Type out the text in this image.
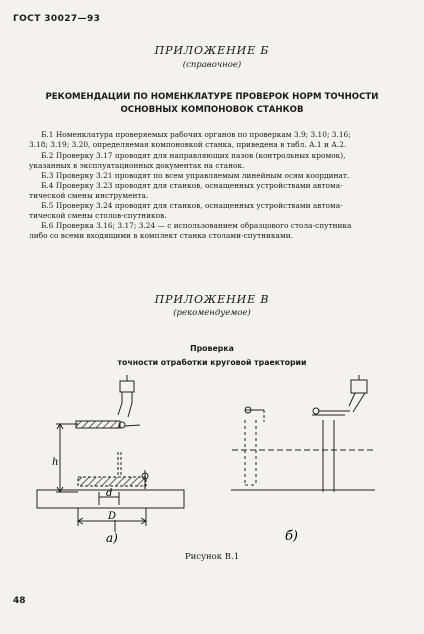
ГОСТ 30027—93
ПРИЛОЖЕНИЕ Б
(справочное)
РЕКОМЕНДАЦИИ ПО НОМЕНКЛАТУРЕ ПРОВЕРОК НОРМ ТОЧНОСТИ
ОСНОВНЫХ КОМПОНОВОК СТАНКОВ
Б.1 Номенклатура проверяемых рабочих органов по проверкам 3.9; 3.10; 3.16;
3.18; 3.19; 3.20, определяемая компоновкой станка, приведена в табл. А.1 и А.2.
Б.2 Проверку 3.17 проводят для направляющих пазов (контрольных кромок),
указанных в эксплуатационных документах на станок.
Б.3 Проверку 3.21 проводят по всем управляемым линейным осям координат.
Б.4 Проверку 3.23 проводят для станков, оснащенных устройствами автома-
тической смены инструмента.
Б.5 Проверку 3.24 проводят для станков, оснащенных устройствами автома-
тической смены столов-спутников.
Б.6 Проверка 3.16; 3.17; 3.24 — с использованием образцового стола-спутника
либо со всеми входящими в комплект станка столами-спутниками.
ПРИЛОЖЕНИЕ В
(рекомендуемое)
Проверка
точности отработки круговой траектории
h
d
D
а)	б)
Рисунок В.1
48
